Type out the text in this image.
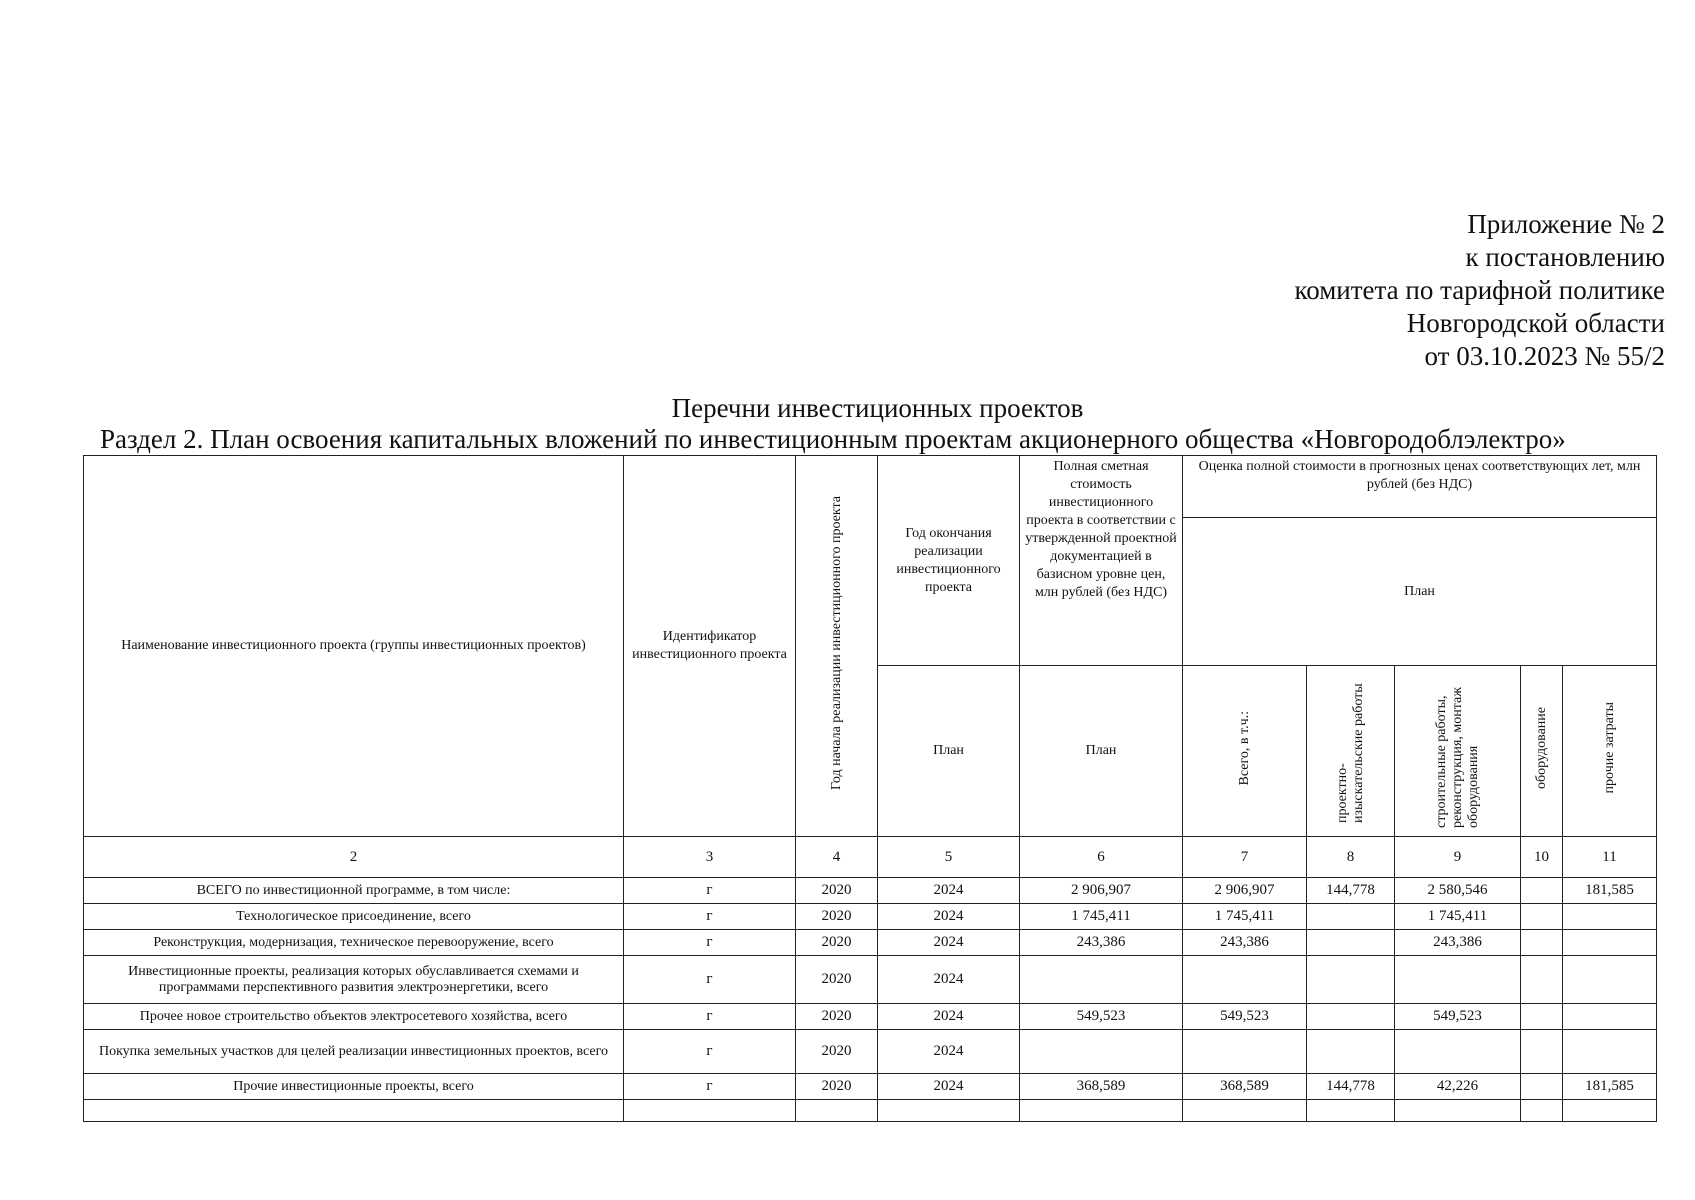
Приложение № 2
к постановлению
комитета по тарифной политике
Новгородской области
от 03.10.2023 № 55/2
Перечни инвестиционных проектов
Раздел 2. План освоения капитальных вложений по инвестиционным проектам акционерного общества «Новгородоблэлектро»
Наименование инвестиционного проекта (группы инвестиционных проектов)	Идентификатор инвестиционного проекта	Год начала реализации инвестиционного проекта	Год окончания реализации инвестиционного проекта	Полная сметная стоимость инвестиционного проекта в соответствии с утвержденной проектной документацией в базисном уровне цен, млн рублей (без НДС)	Оценка полной стоимости в прогнозных ценах соответствующих лет, млн рублей (без НДС)				
					План				
			План	План	Всего, в т.ч.:	проектно-изыскательские работы	строительные работы, реконструкция, монтаж оборудования	оборудование	прочие затраты
2	3	4	5	6	7	8	9	10	11
ВСЕГО по инвестиционной программе, в том числе:	г	2020	2024	2 906,907	2 906,907	144,778	2 580,546		181,585
Технологическое присоединение, всего	г	2020	2024	1 745,411	1 745,411		1 745,411		
Реконструкция, модернизация, техническое перевооружение, всего	г	2020	2024	243,386	243,386		243,386		
Инвестиционные проекты, реализация которых обуславливается схемами и программами перспективного развития электроэнергетики, всего	г	2020	2024						
Прочее новое строительство объектов электросетевого хозяйства, всего	г	2020	2024	549,523	549,523		549,523		
Покупка земельных участков для целей реализации инвестиционных проектов, всего	г	2020	2024						
Прочие инвестиционные проекты, всего	г	2020	2024	368,589	368,589	144,778	42,226		181,585
